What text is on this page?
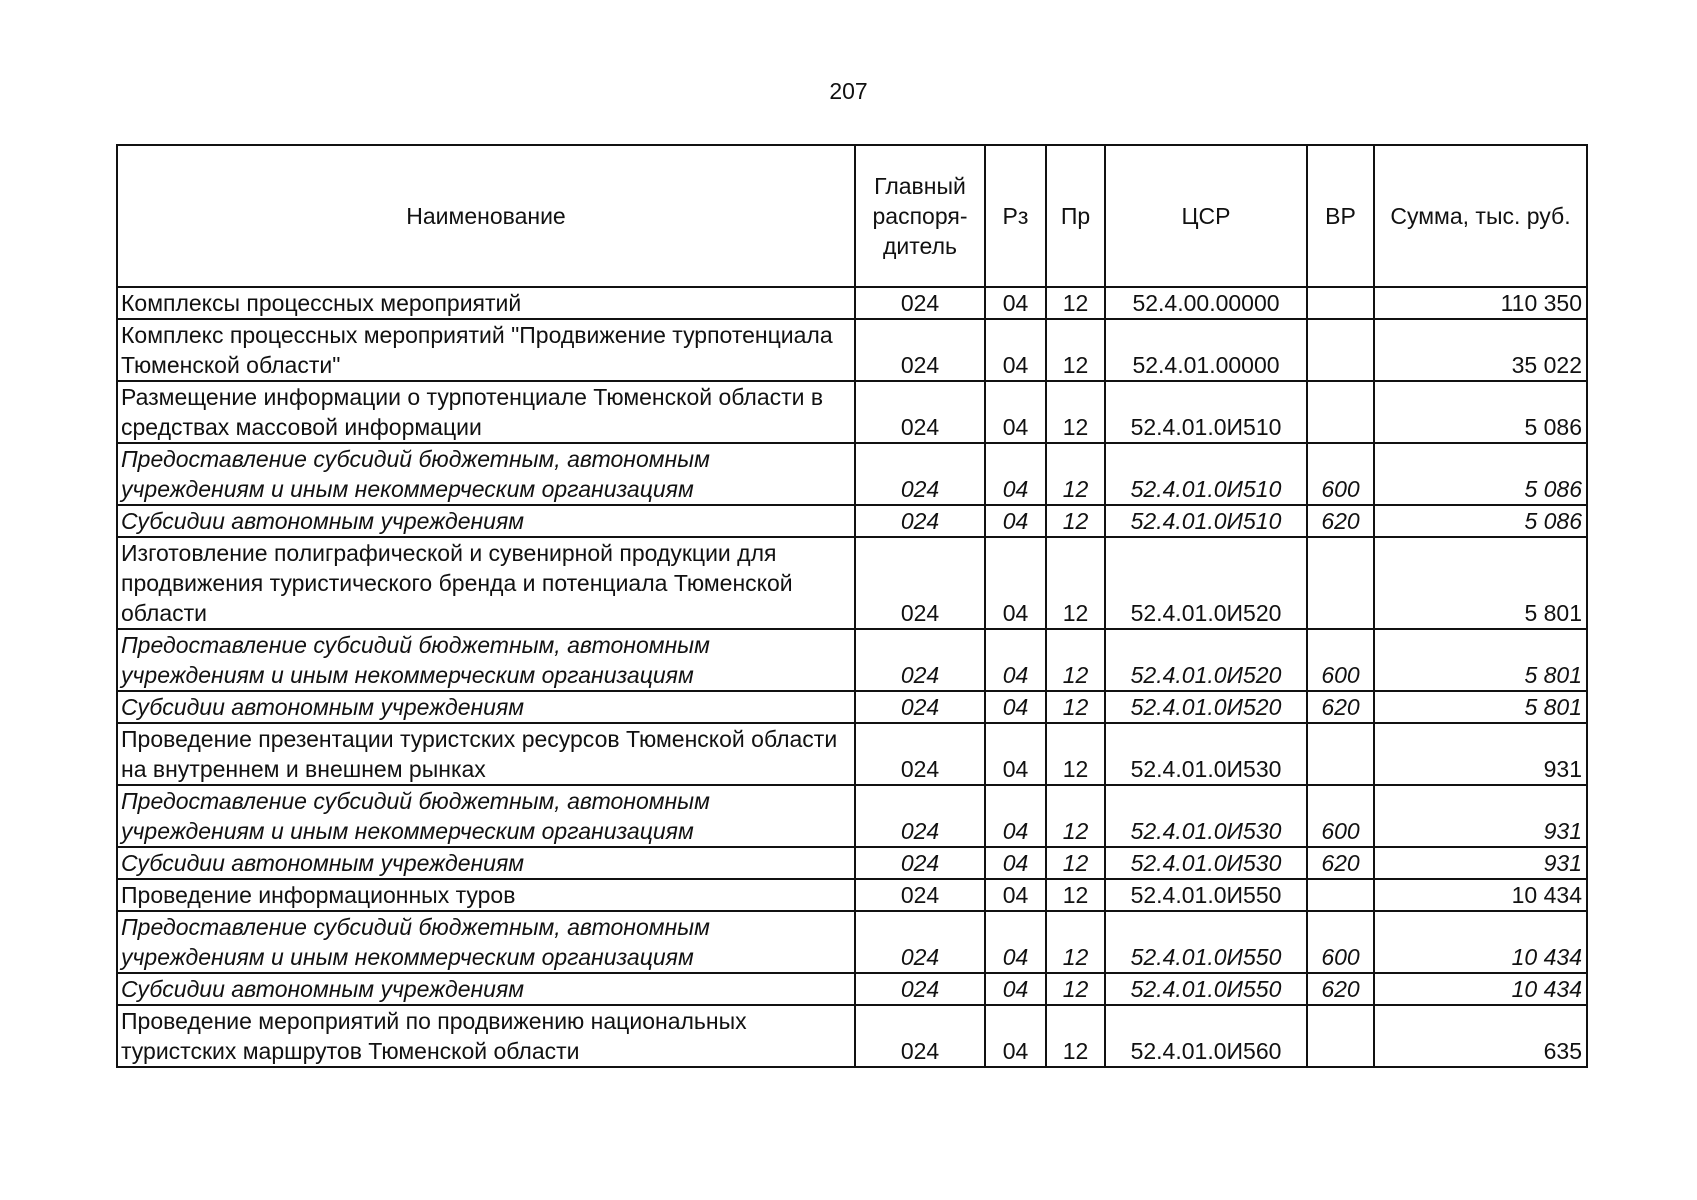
207
Наименование	Главный распоря-дитель	Рз	Пр	ЦСР	ВР	Сумма, тыс. руб.
Комплексы процессных мероприятий	024	04	12	52.4.00.00000		110 350
Комплекс процессных мероприятий "Продвижение турпотенциала Тюменской области"	024	04	12	52.4.01.00000		35 022
Размещение информации о турпотенциале Тюменской области в средствах массовой информации	024	04	12	52.4.01.0И510		5 086
Предоставление субсидий бюджетным, автономным учреждениям и иным некоммерческим организациям	024	04	12	52.4.01.0И510	600	5 086
Субсидии автономным учреждениям	024	04	12	52.4.01.0И510	620	5 086
Изготовление полиграфической и сувенирной продукции для продвижения туристического бренда и потенциала Тюменской области	024	04	12	52.4.01.0И520		5 801
Предоставление субсидий бюджетным, автономным учреждениям и иным некоммерческим организациям	024	04	12	52.4.01.0И520	600	5 801
Субсидии автономным учреждениям	024	04	12	52.4.01.0И520	620	5 801
Проведение презентации туристских ресурсов Тюменской области на внутреннем и внешнем рынках	024	04	12	52.4.01.0И530		931
Предоставление субсидий бюджетным, автономным учреждениям и иным некоммерческим организациям	024	04	12	52.4.01.0И530	600	931
Субсидии автономным учреждениям	024	04	12	52.4.01.0И530	620	931
Проведение информационных туров	024	04	12	52.4.01.0И550		10 434
Предоставление субсидий бюджетным, автономным учреждениям и иным некоммерческим организациям	024	04	12	52.4.01.0И550	600	10 434
Субсидии автономным учреждениям	024	04	12	52.4.01.0И550	620	10 434
Проведение мероприятий по продвижению национальных туристских маршрутов Тюменской области	024	04	12	52.4.01.0И560		635
